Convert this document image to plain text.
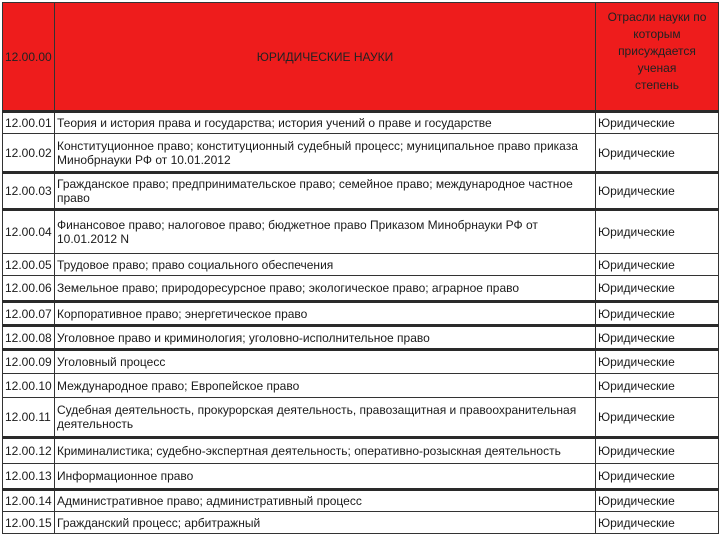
12.00.00	ЮРИДИЧЕСКИЕ НАУКИ	Отрасли науки по
которым
присуждается
ученая
степень
12.00.01	Теория и история права и государства; история учений о праве и государстве	Юридические
12.00.02	Конституционное право; конституционный судебный процесс; муниципальное право приказа Минобрнауки РФ от 10.01.2012	Юридические
12.00.03	Гражданское право; предпринимательское право; семейное право; международное частное право	Юридические
12.00.04	Финансовое право; налоговое право; бюджетное право Приказом Минобрнауки РФ от 10.01.2012 N	Юридические
12.00.05	Трудовое право; право социального обеспечения	Юридические
12.00.06	Земельное право; природоресурсное право; экологическое право; аграрное право	Юридические
12.00.07	Корпоративное право; энергетическое право	Юридические
12.00.08	Уголовное право и криминология; уголовно-исполнительное право	Юридические
12.00.09	Уголовный процесс	Юридические
12.00.10	Международное право; Европейское право	Юридические
12.00.11	Судебная деятельность, прокурорская деятельность, правозащитная и правоохранительная деятельность	Юридические
12.00.12	Криминалистика; судебно-экспертная деятельность; оперативно-розыскная деятельность	Юридические
12.00.13	Информационное право	Юридические
12.00.14	Административное право; административный процесс	Юридические
12.00.15	Гражданский процесс; арбитражный	Юридические
